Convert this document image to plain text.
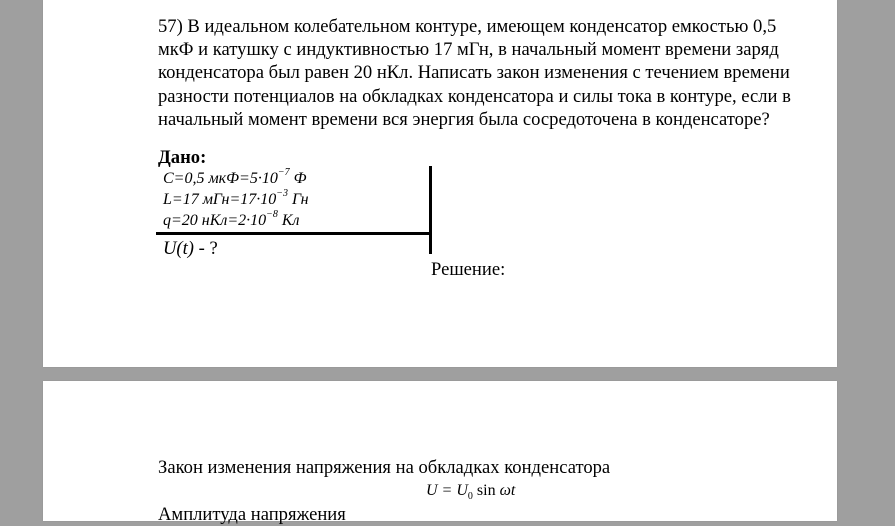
57) В идеальном колебательном контуре, имеющем конденсатор емкостью 0,5 мкФ и катушку с индуктивностью 17 мГн, в начальный момент времени заряд конденсатора был равен 20 нКл. Написать закон изменения с течением времени разности потенциалов на обкладках конденсатора и силы тока в контуре, если в начальный момент времени вся энергия была сосредоточена в конденсаторе?

Дано:

C=0,5 $мкФ=5\cdot 10^{-7}$ Ф
L=17 $мГн=17\cdot 10^{-3}$ Гн
q=20 $нКл=2\cdot 10^{-8}$ Кл
U(t) - ?

Решение:

Закон изменения напряжения на обкладках конденсатора

$U = U_0$ sin ωt

Амплитуда напряжения
